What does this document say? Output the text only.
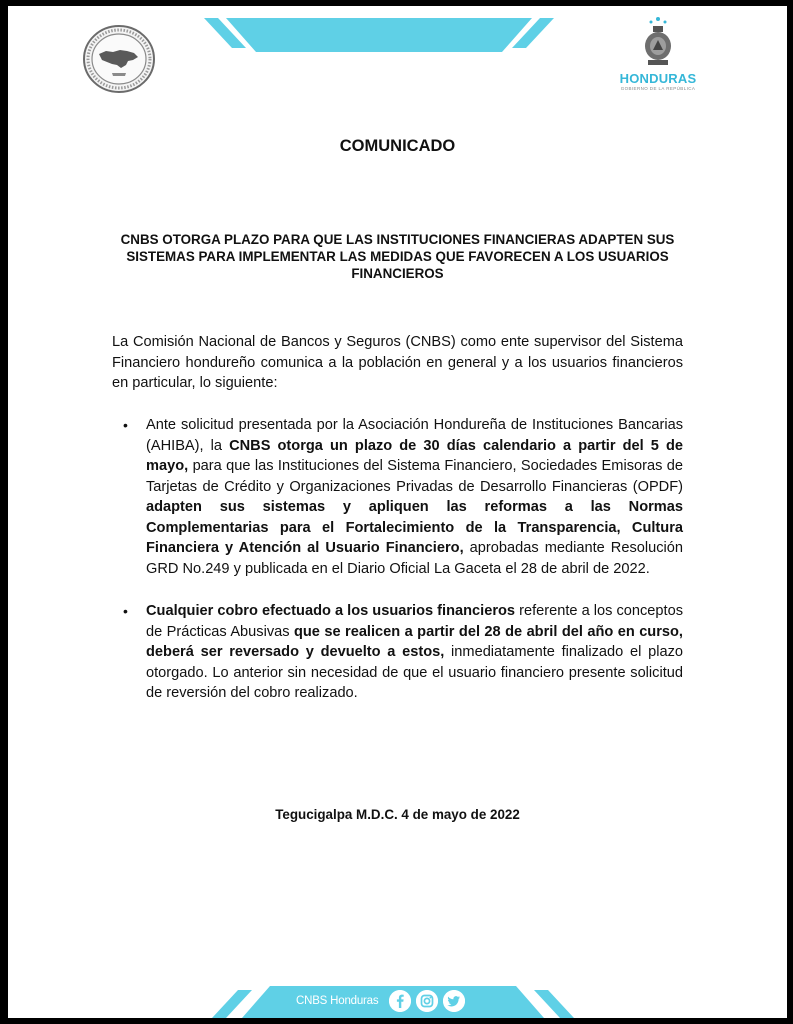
HONDURAS
GOBIERNO DE LA REPÚBLICA
COMUNICADO
CNBS OTORGA PLAZO PARA QUE LAS INSTITUCIONES FINANCIERAS ADAPTEN SUS SISTEMAS PARA IMPLEMENTAR LAS MEDIDAS QUE FAVORECEN A LOS USUARIOS FINANCIEROS

La Comisión Nacional de Bancos y Seguros (CNBS) como ente supervisor del Sistema Financiero hondureño comunica a la población en general y a los usuarios financieros en particular, lo siguiente:

• Ante solicitud presentada por la Asociación Hondureña de Instituciones Bancarias (AHIBA), la CNBS otorga un plazo de 30 días calendario a partir del 5 de mayo, para que las Instituciones del Sistema Financiero, Sociedades Emisoras de Tarjetas de Crédito y Organizaciones Privadas de Desarrollo Financieras (OPDF) adapten sus sistemas y apliquen las reformas a las Normas Complementarias para el Fortalecimiento de la Transparencia, Cultura Financiera y Atención al Usuario Financiero, aprobadas mediante Resolución GRD No.249 y publicada en el Diario Oficial La Gaceta el 28 de abril de 2022.
• Cualquier cobro efectuado a los usuarios financieros referente a los conceptos de Prácticas Abusivas que se realicen a partir del 28 de abril del año en curso, deberá ser reversado y devuelto a estos, inmediatamente finalizado el plazo otorgado. Lo anterior sin necesidad de que el usuario financiero presente solicitud de reversión del cobro realizado.
Tegucigalpa M.D.C. 4 de mayo de 2022
CNBS Honduras
